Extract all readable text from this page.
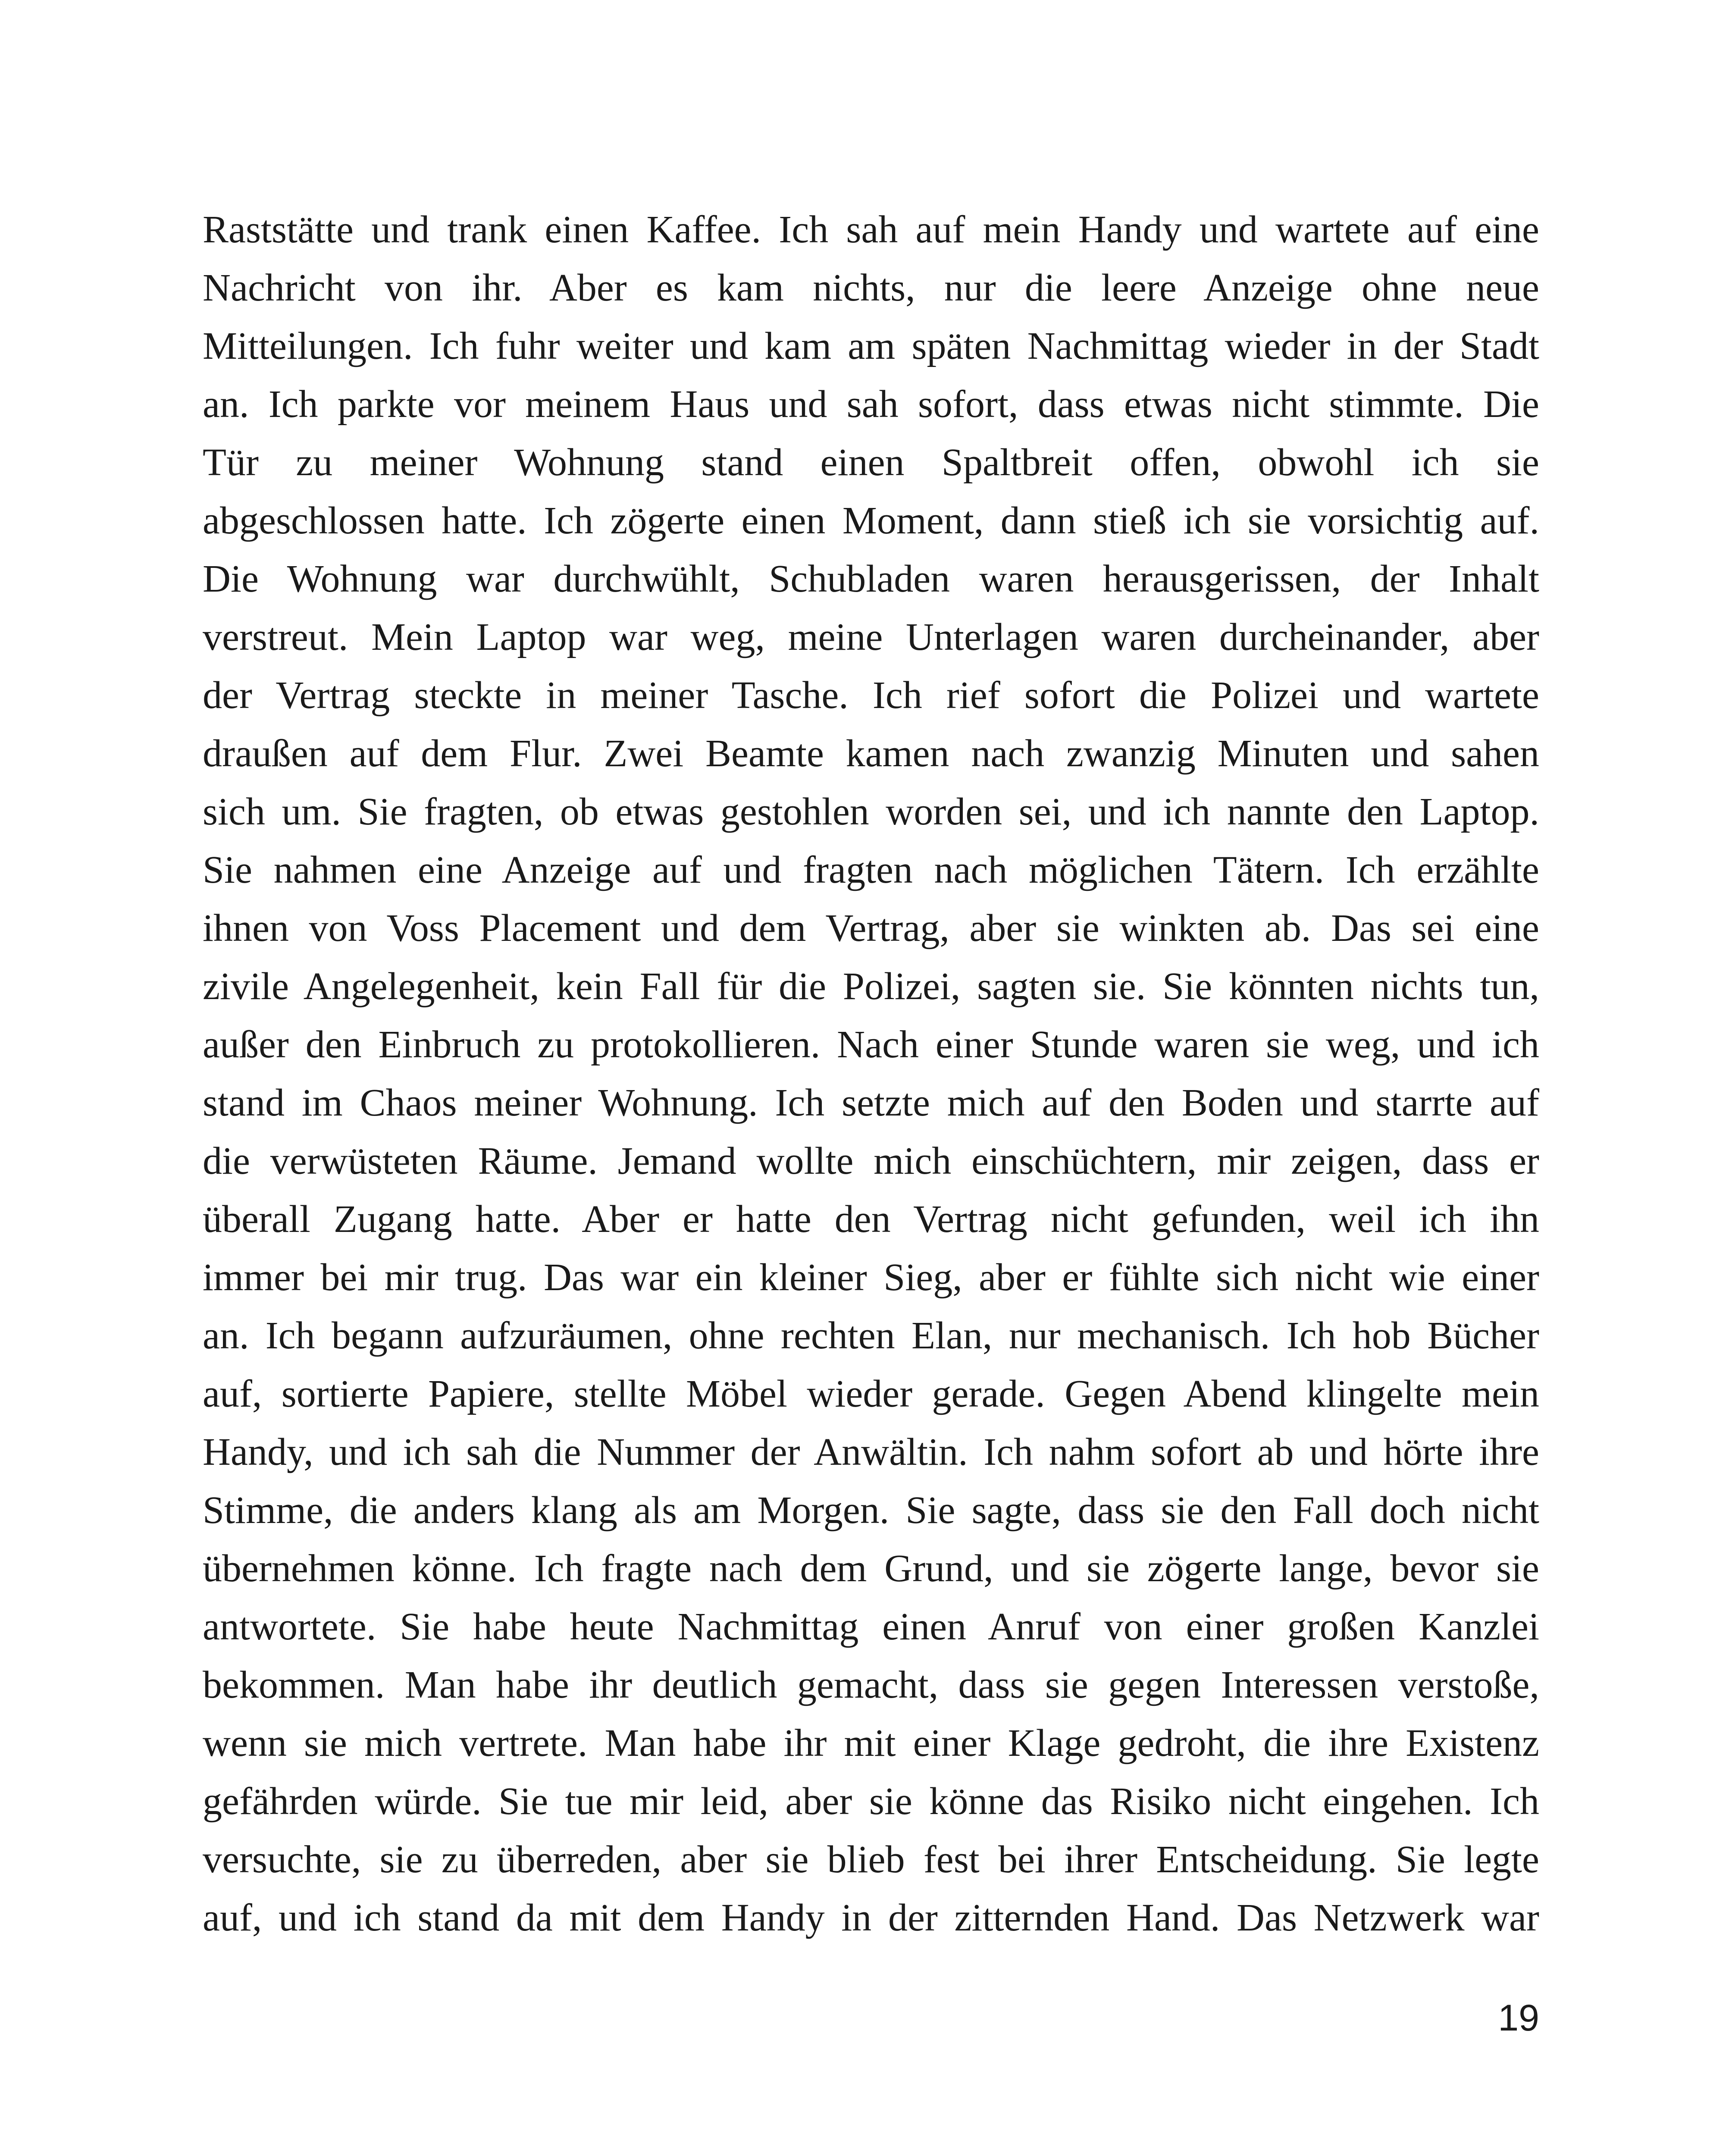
Raststätte und trank einen Kaffee. Ich sah auf mein Handy und wartete auf eine
Nachricht von ihr. Aber es kam nichts, nur die leere Anzeige ohne neue
Mitteilungen. Ich fuhr weiter und kam am späten Nachmittag wieder in der Stadt
an. Ich parkte vor meinem Haus und sah sofort, dass etwas nicht stimmte. Die
Tür zu meiner Wohnung stand einen Spaltbreit offen, obwohl ich sie
abgeschlossen hatte. Ich zögerte einen Moment, dann stieß ich sie vorsichtig auf.
Die Wohnung war durchwühlt, Schubladen waren herausgerissen, der Inhalt
verstreut. Mein Laptop war weg, meine Unterlagen waren durcheinander, aber
der Vertrag steckte in meiner Tasche. Ich rief sofort die Polizei und wartete
draußen auf dem Flur. Zwei Beamte kamen nach zwanzig Minuten und sahen
sich um. Sie fragten, ob etwas gestohlen worden sei, und ich nannte den Laptop.
Sie nahmen eine Anzeige auf und fragten nach möglichen Tätern. Ich erzählte
ihnen von Voss Placement und dem Vertrag, aber sie winkten ab. Das sei eine
zivile Angelegenheit, kein Fall für die Polizei, sagten sie. Sie könnten nichts tun,
außer den Einbruch zu protokollieren. Nach einer Stunde waren sie weg, und ich
stand im Chaos meiner Wohnung. Ich setzte mich auf den Boden und starrte auf
die verwüsteten Räume. Jemand wollte mich einschüchtern, mir zeigen, dass er
überall Zugang hatte. Aber er hatte den Vertrag nicht gefunden, weil ich ihn
immer bei mir trug. Das war ein kleiner Sieg, aber er fühlte sich nicht wie einer
an. Ich begann aufzuräumen, ohne rechten Elan, nur mechanisch. Ich hob Bücher
auf, sortierte Papiere, stellte Möbel wieder gerade. Gegen Abend klingelte mein
Handy, und ich sah die Nummer der Anwältin. Ich nahm sofort ab und hörte ihre
Stimme, die anders klang als am Morgen. Sie sagte, dass sie den Fall doch nicht
übernehmen könne. Ich fragte nach dem Grund, und sie zögerte lange, bevor sie
antwortete. Sie habe heute Nachmittag einen Anruf von einer großen Kanzlei
bekommen. Man habe ihr deutlich gemacht, dass sie gegen Interessen verstoße,
wenn sie mich vertrete. Man habe ihr mit einer Klage gedroht, die ihre Existenz
gefährden würde. Sie tue mir leid, aber sie könne das Risiko nicht eingehen. Ich
versuchte, sie zu überreden, aber sie blieb fest bei ihrer Entscheidung. Sie legte
auf, und ich stand da mit dem Handy in der zitternden Hand. Das Netzwerk war
19
